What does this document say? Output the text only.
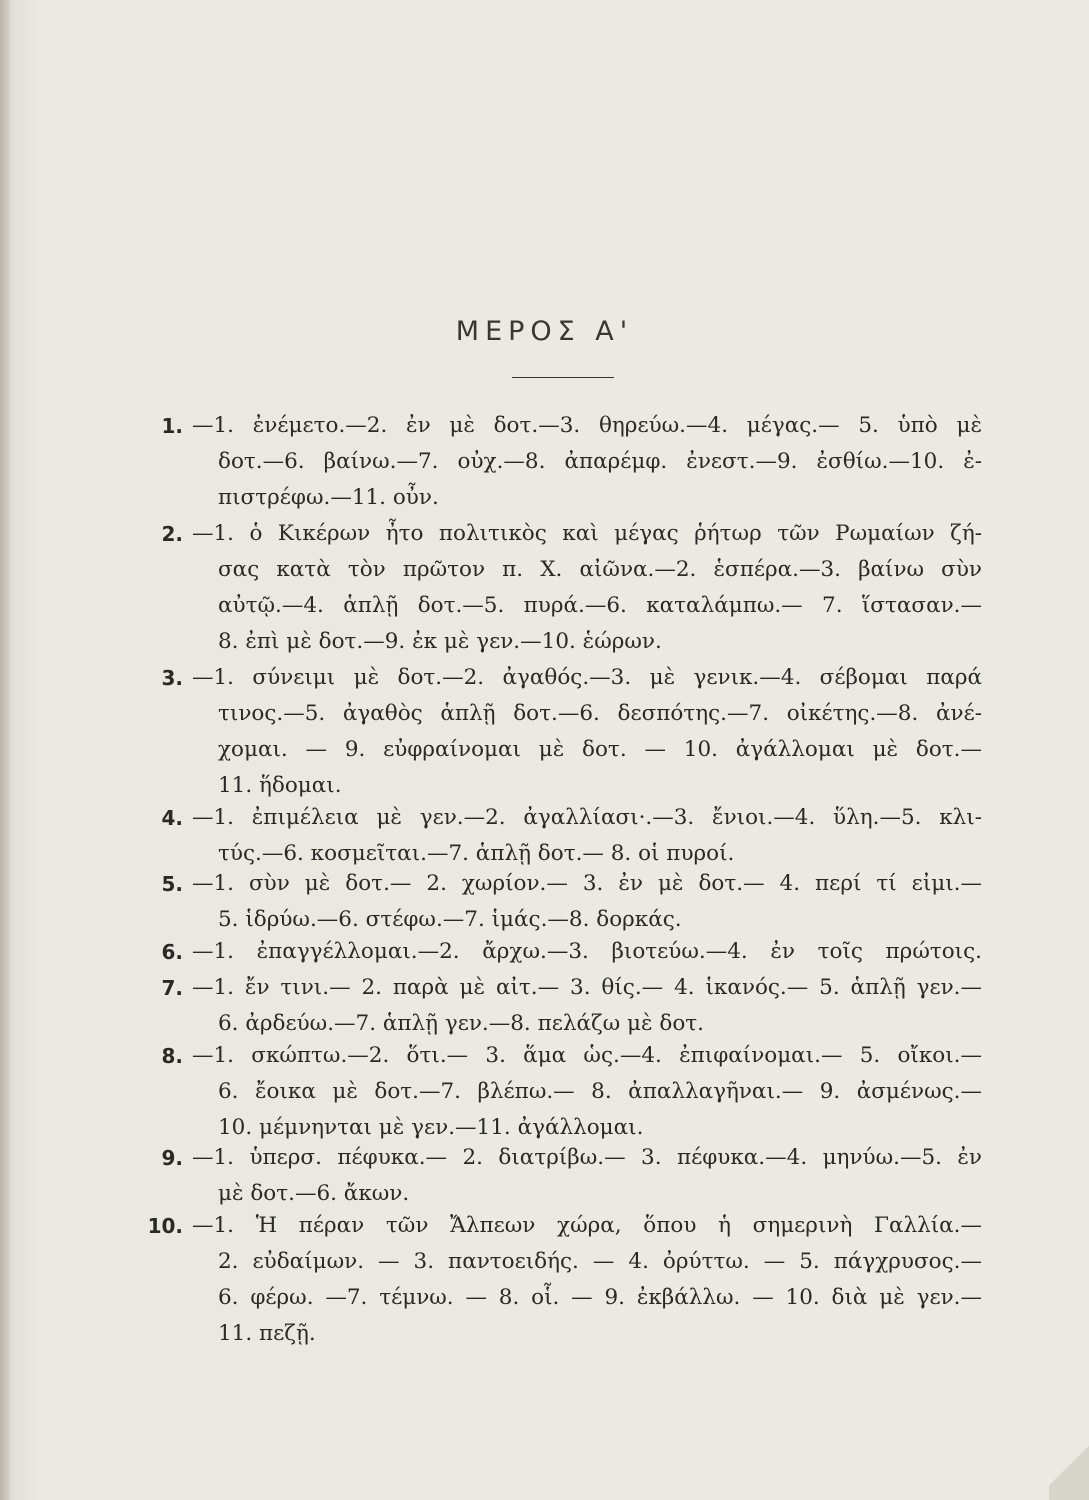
ΜΕΡΟΣ Α'
1. —1. ἐνέμετο.—2. ἐν μὲ δοτ.—3. θηρεύω.—4. μέγας.— 5. ὑπὸ μὲ
δοτ.—6. βαίνω.—7. οὐχ.—8. ἀπαρέμφ. ἐνεστ.—9. ἐσθίω.—10. ἐ-
πιστρέφω.—11. οὖν.
2. —1. ὁ Κικέρων ἦτο πολιτικὸς καὶ μέγας ῥήτωρ τῶν Ρωμαίων ζή-
σας κατὰ τὸν πρῶτον π. Χ. αἰῶνα.—2. ἑσπέρα.—3. βαίνω σὺν
αὐτῷ.—4. ἁπλῇ δοτ.—5. πυρά.—6. καταλάμπω.— 7. ἵστασαν.—
8. ἐπὶ μὲ δοτ.—9. ἐκ μὲ γεν.—10. ἑώρων.
3. —1. σύνειμι μὲ δοτ.—2. ἀγαθός.—3. μὲ γενικ.—4. σέβομαι παρά
τινος.—5. ἀγαθὸς ἁπλῇ δοτ.—6. δεσπότης.—7. οἰκέτης.—8. ἀνέ-
χομαι. — 9. εὐφραίνομαι μὲ δοτ. — 10. ἀγάλλομαι μὲ δοτ.—
11. ἥδομαι.
4. —1. ἐπιμέλεια μὲ γεν.—2. ἀγαλλίασι·.—3. ἔνιοι.—4. ὕλη.—5. κλι-
τύς.—6. κοσμεῖται.—7. ἁπλῇ δοτ.— 8. οἱ πυροί.
5. —1. σὺν μὲ δοτ.— 2. χωρίον.— 3. ἐν μὲ δοτ.— 4. περί τί εἰμι.—
5. ἱδρύω.—6. στέφω.—7. ἱμάς.—8. δορκάς.
6. —1. ἐπαγγέλλομαι.—2. ἄρχω.—3. βιοτεύω.—4. ἐν τοῖς πρώτοις.
7. —1. ἔν τινι.— 2. παρὰ μὲ αἰτ.— 3. θίς.— 4. ἱκανός.— 5. ἁπλῇ γεν.—
6. ἀρδεύω.—7. ἁπλῇ γεν.—8. πελάζω μὲ δοτ.
8. —1. σκώπτω.—2. ὅτι.— 3. ἅμα ὡς.—4. ἐπιφαίνομαι.— 5. οἴκοι.—
6. ἔοικα μὲ δοτ.—7. βλέπω.— 8. ἀπαλλαγῆναι.— 9. ἀσμένως.—
10. μέμνηνται μὲ γεν.—11. ἀγάλλομαι.
9. —1. ὑπερσ. πέφυκα.— 2. διατρίβω.— 3. πέφυκα.—4. μηνύω.—5. ἐν
μὲ δοτ.—6. ἄκων.
10. —1. Ἡ πέραν τῶν Ἄλπεων χώρα, ὅπου ἡ σημερινὴ Γαλλία.—
2. εὐδαίμων. — 3. παντοειδής. — 4. ὀρύττω. — 5. πάγχρυσος.—
6. φέρω. —7. τέμνω. — 8. οἷ. — 9. ἐκβάλλω. — 10. διὰ μὲ γεν.—
11. πεζῇ.
